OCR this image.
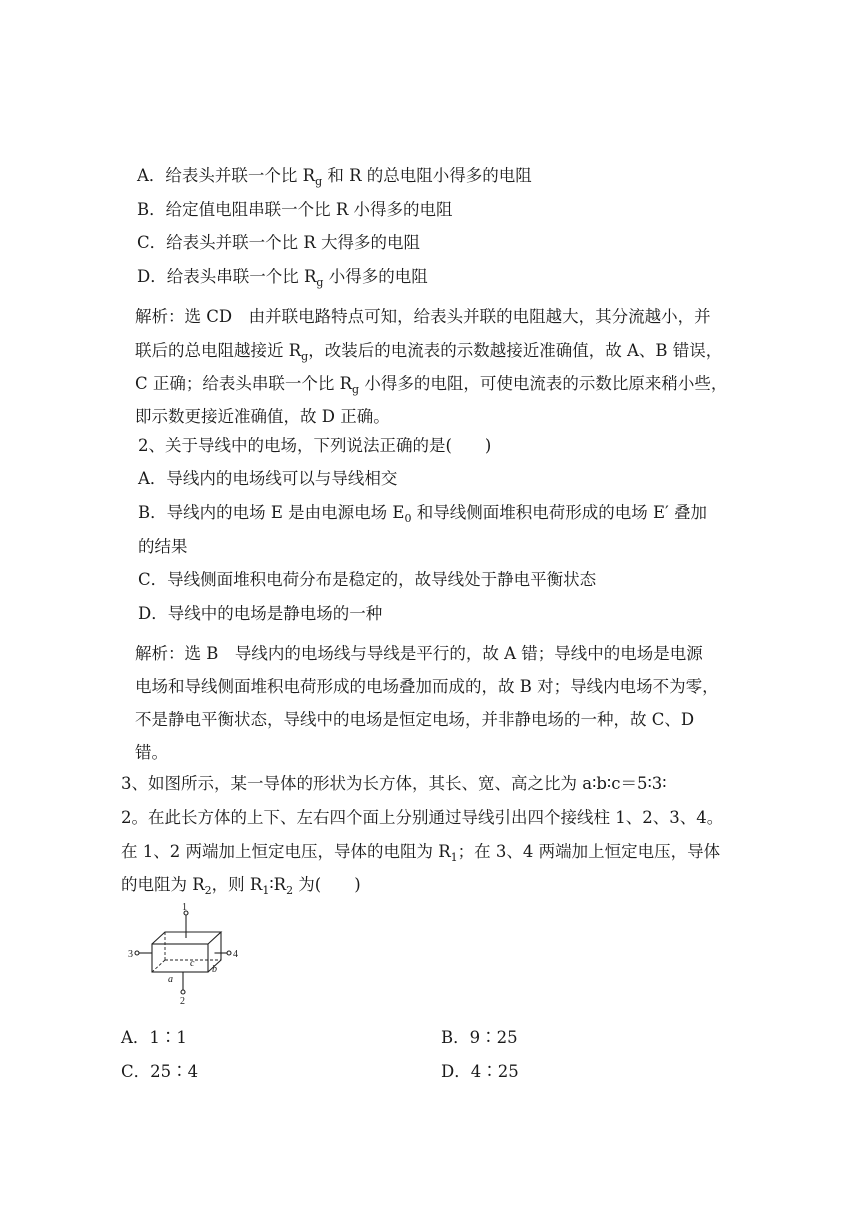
A．给表头并联一个比 $R_g$ 和 R 的总电阻小得多的电阻
B．给定值电阻串联一个比 R 小得多的电阻
C．给表头并联一个比 R 大得多的电阻
D．给表头串联一个比 $R_g$ 小得多的电阻
解析：选 CD　由并联电路特点可知，给表头并联的电阻越大，其分流越小，并
联后的总电阻越接近 $R_g$，改装后的电流表的示数越接近准确值，故 A、B 错误，
C 正确；给表头串联一个比 $R_g$ 小得多的电阻，可使电流表的示数比原来稍小些，
即示数更接近准确值，故 D 正确。
2、关于导线中的电场，下列说法正确的是(　　)
A．导线内的电场线可以与导线相交
B．导线内的电场 E 是由电源电场 $E_0$ 和导线侧面堆积电荷形成的电场 E′ 叠加
的结果
C．导线侧面堆积电荷分布是稳定的，故导线处于静电平衡状态
D．导线中的电场是静电场的一种
解析：选 B　导线内的电场线与导线是平行的，故 A 错；导线中的电场是电源
电场和导线侧面堆积电荷形成的电场叠加而成的，故 B 对；导线内电场不为零，
不是静电平衡状态，导线中的电场是恒定电场，并非静电场的一种，故 C、D
错。
3、如图所示，某一导体的形状为长方体，其长、宽、高之比为 a∶b∶c＝5∶3∶
2。在此长方体的上下、左右四个面上分别通过导线引出四个接线柱 1、2、3、4。
在 1、2 两端加上恒定电压，导体的电阻为 $R_1$；在 3、4 两端加上恒定电压，导体
的电阻为 $R_2$，则 $R_1∶R_2$ 为(　　)
1
2
3	4
a
b
c
A．1∶1	B．9∶25
C．25∶4	D．4∶25
